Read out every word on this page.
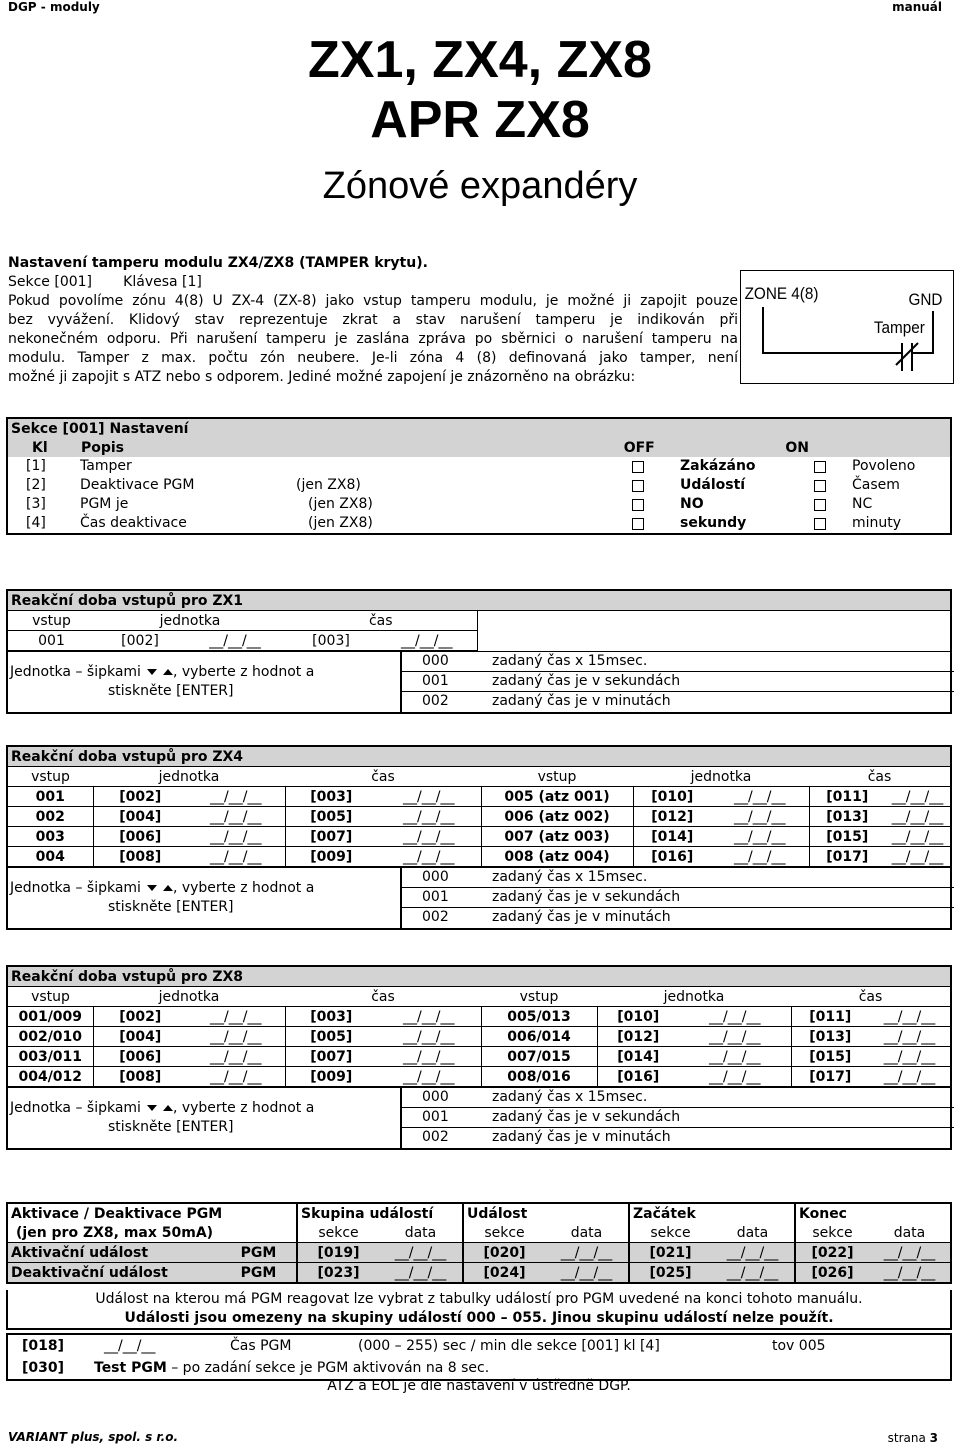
DGP - moduly	manuál
ZX1, ZX4, ZX8
APR ZX8
Zónové expandéry
Nastavení tamperu modulu ZX4/ZX8 (TAMPER krytu).
Sekce [001]       Klávesa [1]
Pokud povolíme zónu 4(8) U ZX-4 (ZX-8) jako vstup tamperu modulu, je možné ji zapojit pouze
bez vyvážení. Klidový stav reprezentuje zkrat a stav narušení tamperu je indikován při
nekonečném odporu. Při narušení tamperu je zaslána zpráva po sběrnici o narušení tamperu na
modulu. Tamper z max. počtu zón neubere. Je-li zóna 4 (8) definovaná jako tamper, není
možné ji zapojit s ATZ nebo s odporem. Jediné možné zapojení je znázorněno na obrázku:
ZONE 4(8)	GND
Tamper
Sekce [001] Nastavení
Kl	Popis	OFF	ON
[1] Tamper	Zakázáno	Povoleno
[2] Deaktivace PGM	(jen ZX8)	Událostí	Časem
[3] PGM je	(jen ZX8)	NO	NC
[4] Čas deaktivace	(jen ZX8)	sekundy	minuty
Reakční doba vstupů pro ZX1					
vstup	jednotka		čas		
001	[002]	__/__/__	[003]	__/__/__	
Jednotka – šipkami , vyberte z hodnot a
stiskněte [ENTER]
000	zadaný čas x 15msec.
001	zadaný čas je v sekundách
002	zadaný čas je v minutách
Reakční doba vstupů pro ZX4									
vstup	jednotka		čas		vstup	jednotka		čas	
001	[002]	__/__/__	[003]	__/__/__	005 (atz 001)	[010]	__/__/__	[011]	__/__/__
002	[004]	__/__/__	[005]	__/__/__	006 (atz 002)	[012]	__/__/__	[013]	__/__/__
003	[006]	__/__/__	[007]	__/__/__	007 (atz 003)	[014]	__/__/__	[015]	__/__/__
004	[008]	__/__/__	[009]	__/__/__	008 (atz 004)	[016]	__/__/__	[017]	__/__/__
Jednotka – šipkami , vyberte z hodnot a
stiskněte [ENTER]
000	zadaný čas x 15msec.
001	zadaný čas je v sekundách
002	zadaný čas je v minutách
Reakční doba vstupů pro ZX8									
vstup	jednotka		čas		vstup	jednotka		čas	
001/009	[002]	__/__/__	[003]	__/__/__	005/013	[010]	__/__/__	[011]	__/__/__
002/010	[004]	__/__/__	[005]	__/__/__	006/014	[012]	__/__/__	[013]	__/__/__
003/011	[006]	__/__/__	[007]	__/__/__	007/015	[014]	__/__/__	[015]	__/__/__
004/012	[008]	__/__/__	[009]	__/__/__	008/016	[016]	__/__/__	[017]	__/__/__
Jednotka – šipkami , vyberte z hodnot a
stiskněte [ENTER]
000	zadaný čas x 15msec.
001	zadaný čas je v sekundách
002	zadaný čas je v minutách
Aktivace / Deaktivace PGM		Skupina událostí		Událost		Začátek		Konec	
(jen pro ZX8, max 50mA)		sekce	data	sekce	data	sekce	data	sekce	data
Aktivační událost	PGM	[019]	__/__/__	[020]	__/__/__	[021]	__/__/__	[022]	__/__/__
Deaktivační událost	PGM	[023]	__/__/__	[024]	__/__/__	[025]	__/__/__	[026]	__/__/__
Událost na kterou má PGM reagovat lze vybrat z tabulky událostí pro PGM uvedené na konci tohoto manuálu.
Události jsou omezeny na skupiny událostí 000 – 055. Jinou skupinu událostí nelze použít.
[018]	__/__/__	Čas PGM	(000 – 255) sec / min dle sekce [001] kl [4]	tov 005
[030] Test PGM – po zadání sekce je PGM aktivován na 8 sec.
ATZ a EOL je dle nastavení v ústředně DGP.
VARIANT plus, spol. s r.o.	strana 3
